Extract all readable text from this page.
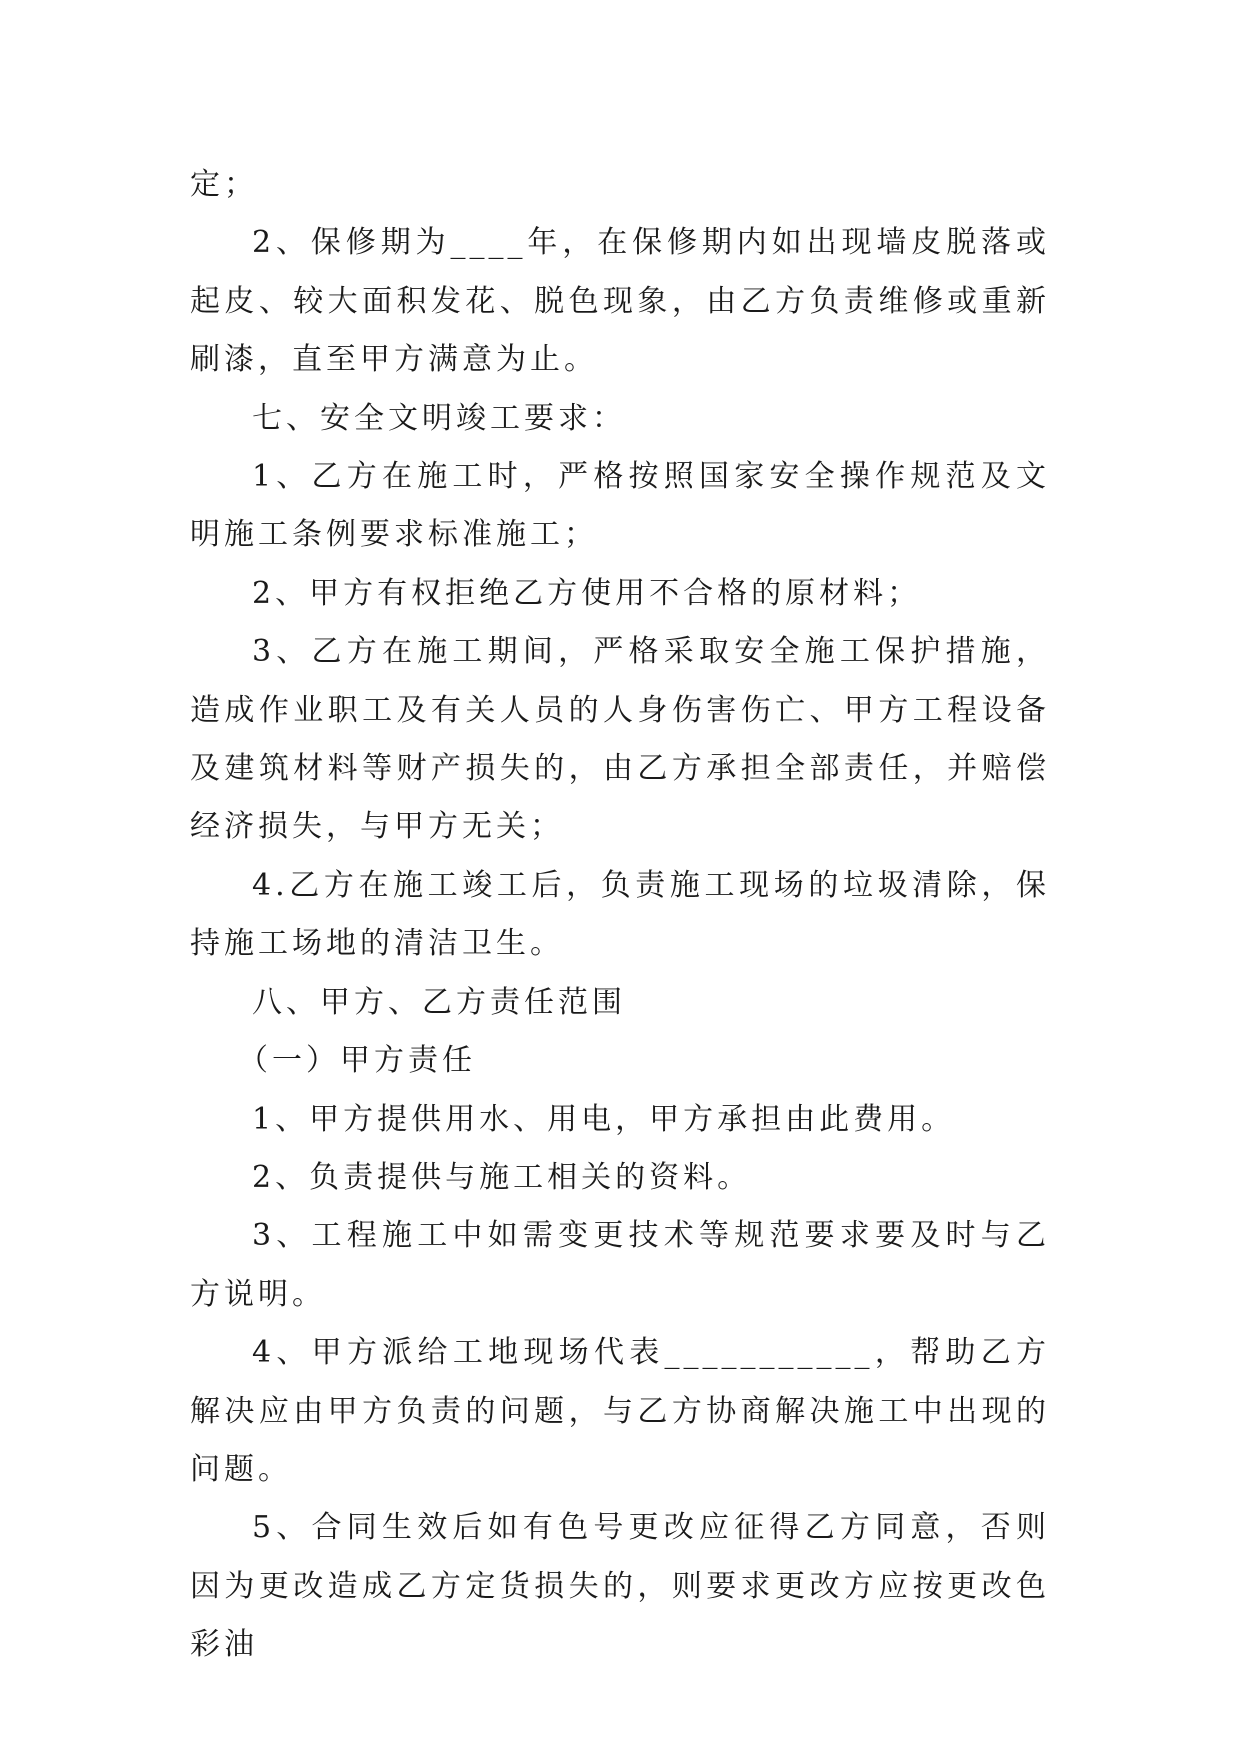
定；

2、保修期为____年，在保修期内如出现墙皮脱落或起皮、较大面积发花、脱色现象，由乙方负责维修或重新刷漆，直至甲方满意为止。

七、安全文明竣工要求：

1、乙方在施工时，严格按照国家安全操作规范及文明施工条例要求标准施工；

2、甲方有权拒绝乙方使用不合格的原材料；

3、乙方在施工期间，严格采取安全施工保护措施，造成作业职工及有关人员的人身伤害伤亡、甲方工程设备及建筑材料等财产损失的，由乙方承担全部责任，并赔偿经济损失，与甲方无关；

4.乙方在施工竣工后，负责施工现场的垃圾清除，保持施工场地的清洁卫生。

八、甲方、乙方责任范围

（一）甲方责任

1、甲方提供用水、用电，甲方承担由此费用。

2、负责提供与施工相关的资料。

3、工程施工中如需变更技术等规范要求要及时与乙方说明。

4、甲方派给工地现场代表___________，帮助乙方解决应由甲方负责的问题，与乙方协商解决施工中出现的问题。

5、合同生效后如有色号更改应征得乙方同意，否则因为更改造成乙方定货损失的，则要求更改方应按更改色彩油
